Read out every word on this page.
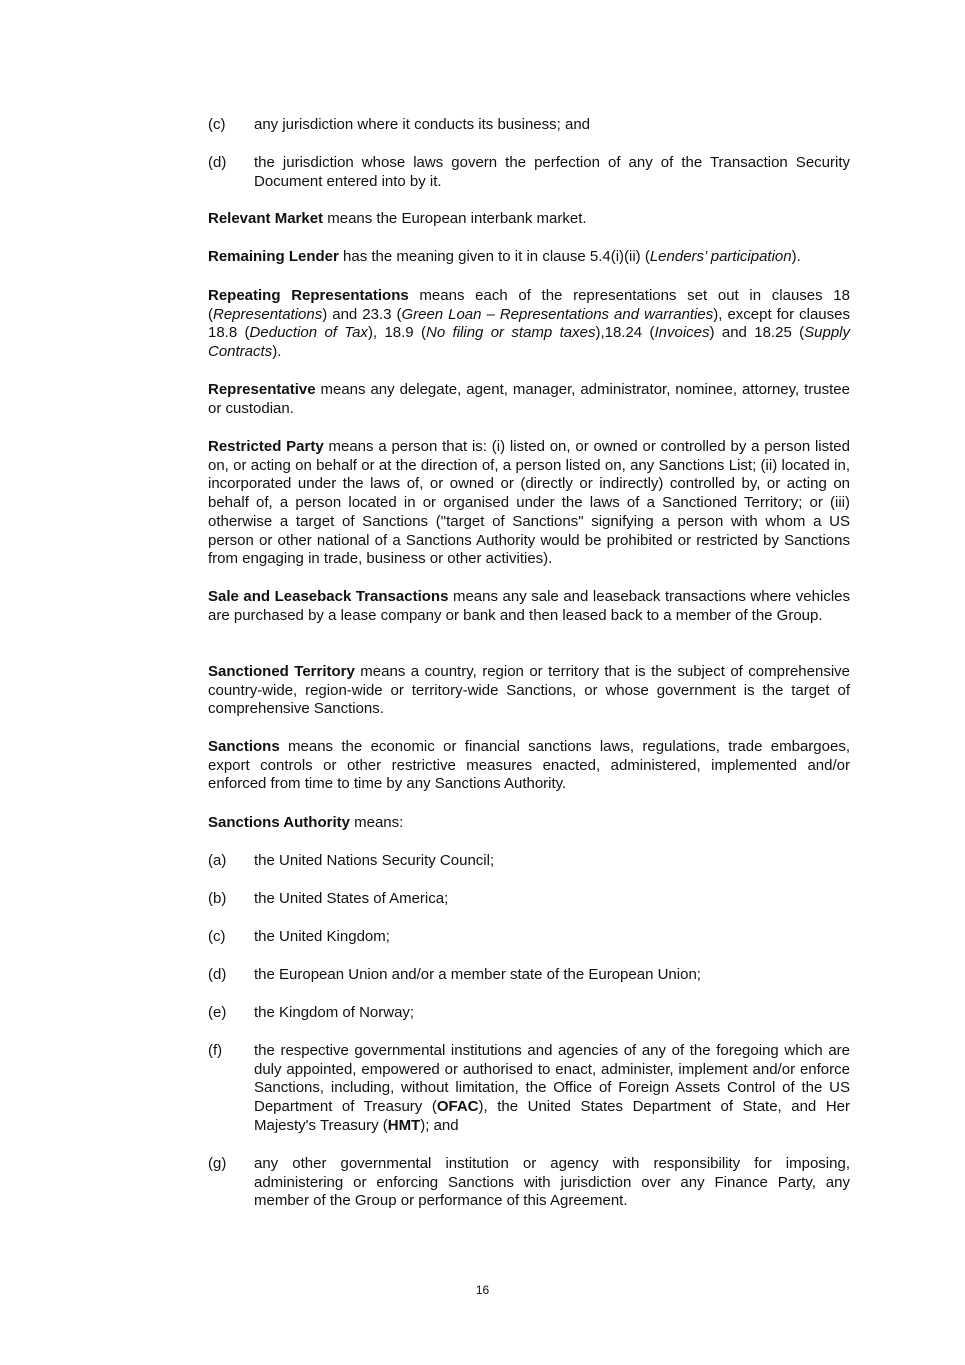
(c)	any jurisdiction where it conducts its business; and
(d)	the jurisdiction whose laws govern the perfection of any of the Transaction Security Document entered into by it.

Relevant Market means the European interbank market.

Remaining Lender has the meaning given to it in clause 5.4(i)(ii) (Lenders’ participation).

Repeating Representations means each of the representations set out in clauses 18 (Representations) and 23.3 (Green Loan – Representations and warranties), except for clauses 18.8 (Deduction of Tax), 18.9 (No filing or stamp taxes),18.24 (Invoices) and 18.25 (Supply Contracts).

Representative means any delegate, agent, manager, administrator, nominee, attorney, trustee or custodian.

Restricted Party means a person that is: (i) listed on, or owned or controlled by a person listed on, or acting on behalf or at the direction of, a person listed on, any Sanctions List; (ii) located in, incorporated under the laws of, or owned or (directly or indirectly) controlled by, or acting on behalf of, a person located in or organised under the laws of a Sanctioned Territory; or (iii) otherwise a target of Sanctions ("target of Sanctions" signifying a person with whom a US person or other national of a Sanctions Authority would be prohibited or restricted by Sanctions from engaging in trade, business or other activities).

Sale and Leaseback Transactions means any sale and leaseback transactions where vehicles are purchased by a lease company or bank and then leased back to a member of the Group.

Sanctioned Territory means a country, region or territory that is the subject of comprehensive country-wide, region-wide or territory-wide Sanctions, or whose government is the target of comprehensive Sanctions.

Sanctions means the economic or financial sanctions laws, regulations, trade embargoes, export controls or other restrictive measures enacted, administered, implemented and/or enforced from time to time by any Sanctions Authority.

Sanctions Authority means:

(a)	the United Nations Security Council;
(b)	the United States of America;
(c)	the United Kingdom;
(d)	the European Union and/or a member state of the European Union;
(e)	the Kingdom of Norway;
(f)	the respective governmental institutions and agencies of any of the foregoing which are duly appointed, empowered or authorised to enact, administer, implement and/or enforce Sanctions, including, without limitation, the Office of Foreign Assets Control of the US Department of Treasury (OFAC), the United States Department of State, and Her Majesty's Treasury (HMT); and
(g)	any other governmental institution or agency with responsibility for imposing, administering or enforcing Sanctions with jurisdiction over any Finance Party, any member of the Group or performance of this Agreement.
16
